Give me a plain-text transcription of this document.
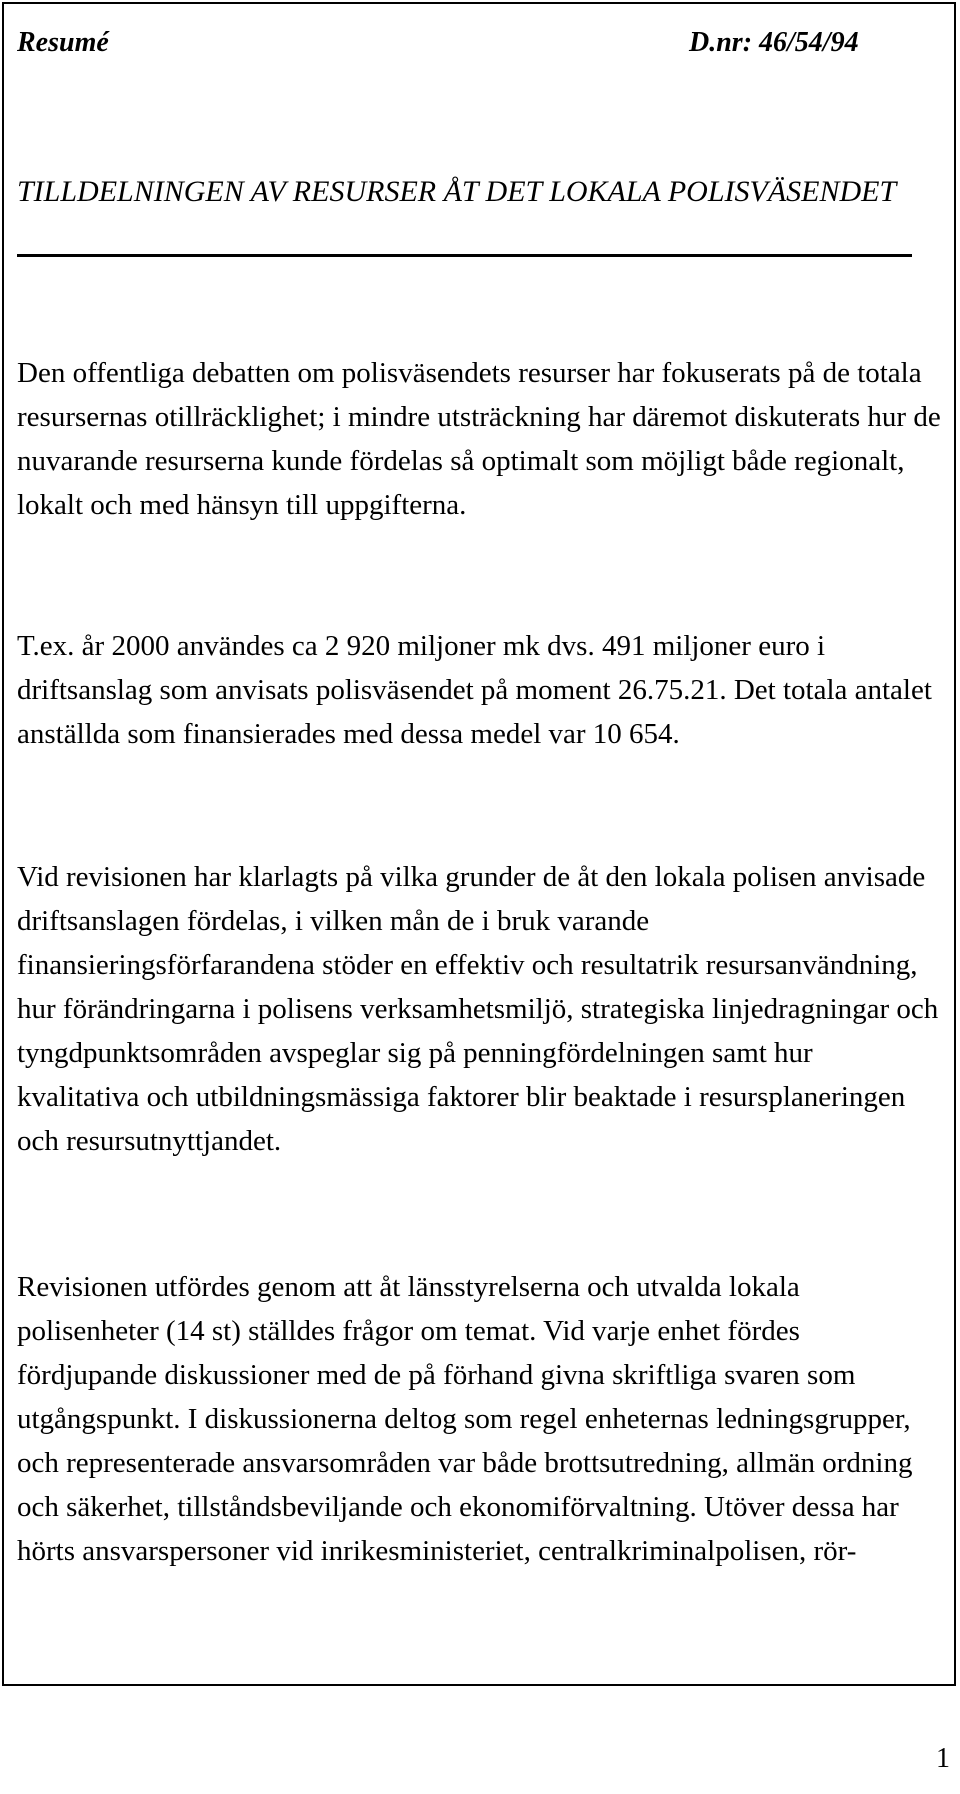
Resumé	D.nr: 46/54/94
TILLDELNINGEN AV RESURSER ÅT DET LOKALA POLISVÄSENDET

Den offentliga debatten om polisväsendets resurser har fokuserats på de totala resursernas otillräcklighet; i mindre utsträckning har däremot diskuterats hur de nuvarande resurserna kunde fördelas så optimalt som möjligt både regionalt, lokalt och med hänsyn till uppgifterna.

T.ex. år 2000 användes ca 2 920 miljoner mk dvs. 491 miljoner euro i driftsanslag som anvisats polisväsendet på moment 26.75.21. Det totala antalet anställda som finansierades med dessa medel var 10 654.

Vid revisionen har klarlagts på vilka grunder de åt den lokala polisen anvisade driftsanslagen fördelas, i vilken mån de i bruk varande finansieringsförfarandena stöder en effektiv och resultatrik resursanvändning, hur förändringarna i polisens verksamhetsmiljö, strategiska linjedragningar och tyngdpunktsområden avspeglar sig på penningfördelningen samt hur kvalitativa och utbildningsmässiga faktorer blir beaktade i resursplaneringen och resursutnyttjandet.

Revisionen utfördes genom att åt länsstyrelserna och utvalda lokala polisenheter (14 st) ställdes frågor om temat. Vid varje enhet fördes fördjupande diskussioner med de på förhand givna skriftliga svaren som utgångspunkt. I diskussionerna deltog som regel enheternas ledningsgrupper, och representerade ansvarsområden var både brottsutredning, allmän ordning och säkerhet, tillståndsbeviljande och ekonomiförvaltning. Utöver dessa har hörts ansvarspersoner vid inrikesministeriet, centralkriminalpolisen, rör-

1
